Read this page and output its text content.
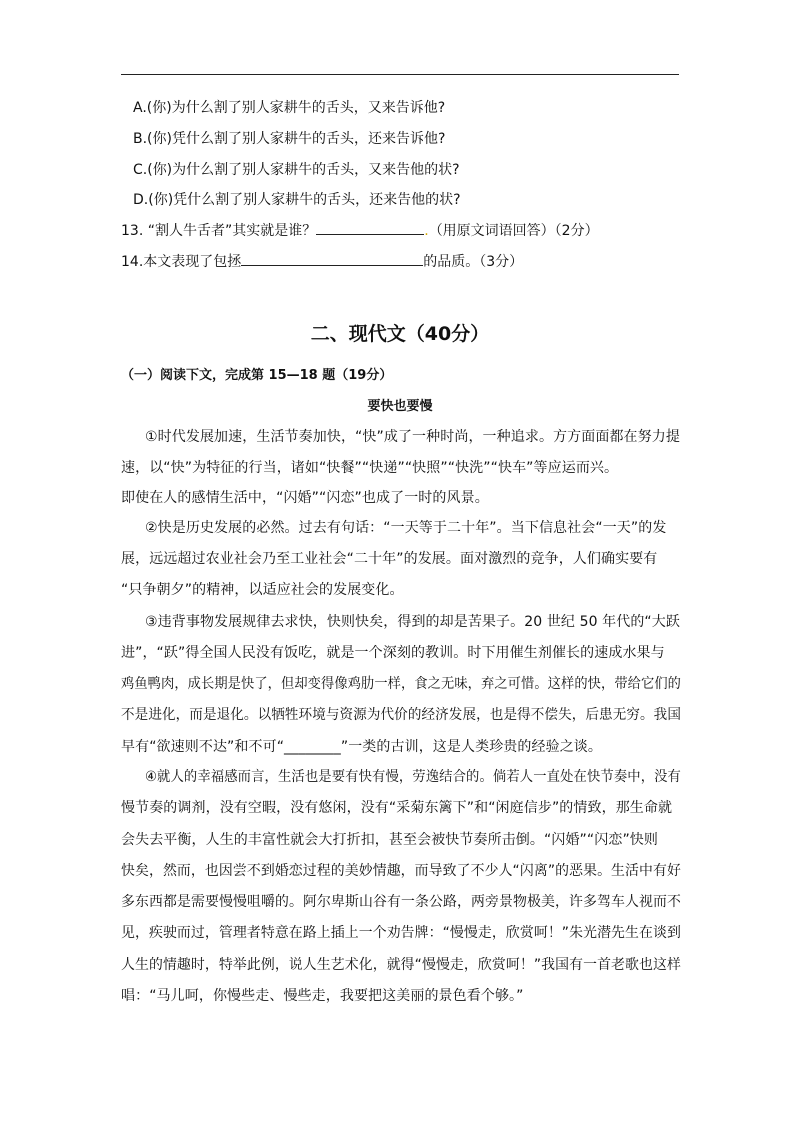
A.(你)为什么割了别人家耕牛的舌头，又来告诉他?
B.(你)凭什么割了别人家耕牛的舌头，还来告诉他?
C.(你)为什么割了别人家耕牛的舌头，又来告他的状?
D.(你)凭什么割了别人家耕牛的舌头，还来告他的状?
13. “割人牛舌者”其实就是谁？	.（用原文词语回答）（2分）
14.本文表现了包拯	的品质。（3分）
二、现代文（40分）
（一）阅读下文，完成第 15—18 题（19分）
要快也要慢
①时代发展加速，生活节奏加快，“快”成了一种时尚，一种追求。方方面面都在努力提
速，以“快”为特征的行当，诸如“快餐”“快递”“快照”“快洗”“快车”等应运而兴。
即使在人的感情生活中，“闪婚”“闪恋”也成了一时的风景。
②快是历史发展的必然。过去有句话：“一天等于二十年”。当下信息社会“一天”的发
展，远远超过农业社会乃至工业社会“二十年”的发展。面对激烈的竞争，人们确实要有
“只争朝夕”的精神，以适应社会的发展变化。
③违背事物发展规律去求快，快则快矣，得到的却是苦果子。20 世纪 50 年代的“大跃
进”，“跃”得全国人民没有饭吃，就是一个深刻的教训。时下用催生剂催长的速成水果与
鸡鱼鸭肉，成长期是快了，但却变得像鸡肋一样，食之无味，弃之可惜。这样的快，带给它们的
不是进化，而是退化。以牺牲环境与资源为代价的经济发展，也是得不偿失，后患无穷。我国
早有“欲速则不达”和不可“________”一类的古训，这是人类珍贵的经验之谈。
④就人的幸福感而言，生活也是要有快有慢，劳逸结合的。倘若人一直处在快节奏中，没有
慢节奏的调剂，没有空暇，没有悠闲，没有“采菊东篱下”和“闲庭信步”的情致，那生命就
会失去平衡，人生的丰富性就会大打折扣，甚至会被快节奏所击倒。“闪婚”“闪恋”快则
快矣，然而，也因尝不到婚恋过程的美妙情趣，而导致了不少人“闪离”的恶果。生活中有好
多东西都是需要慢慢咀嚼的。阿尔卑斯山谷有一条公路，两旁景物极美，许多驾车人视而不
见，疾驶而过，管理者特意在路上插上一个劝告牌：“慢慢走，欣赏呵！”朱光潜先生在谈到
人生的情趣时，特举此例，说人生艺术化，就得“慢慢走，欣赏呵！”我国有一首老歌也这样
唱：“马儿呵，你慢些走、慢些走，我要把这美丽的景色看个够。”
